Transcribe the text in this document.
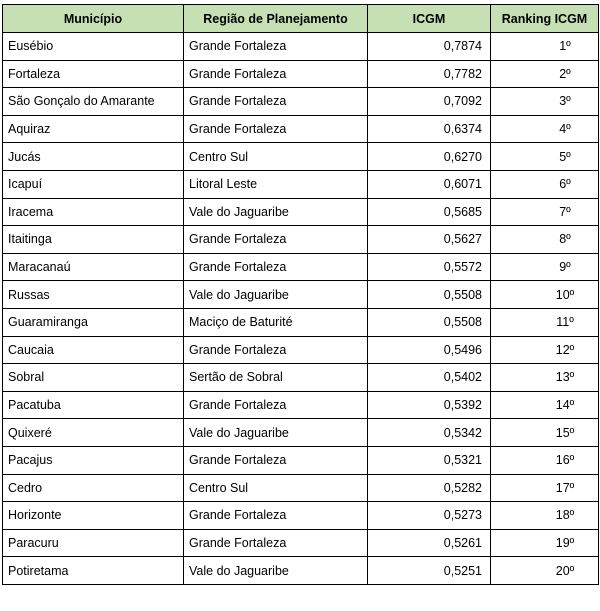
Município	Região de Planejamento	ICGM	Ranking ICGM
Eusébio	Grande Fortaleza	0,7874	1º
Fortaleza	Grande Fortaleza	0,7782	2º
São Gonçalo do Amarante	Grande Fortaleza	0,7092	3º
Aquiraz	Grande Fortaleza	0,6374	4º
Jucás	Centro Sul	0,6270	5º
Icapuí	Litoral Leste	0,6071	6º
Iracema	Vale do Jaguaribe	0,5685	7º
Itaitinga	Grande Fortaleza	0,5627	8º
Maracanaú	Grande Fortaleza	0,5572	9º
Russas	Vale do Jaguaribe	0,5508	10º
Guaramiranga	Maciço de Baturité	0,5508	11º
Caucaia	Grande Fortaleza	0,5496	12º
Sobral	Sertão de Sobral	0,5402	13º
Pacatuba	Grande Fortaleza	0,5392	14º
Quixeré	Vale do Jaguaribe	0,5342	15º
Pacajus	Grande Fortaleza	0,5321	16º
Cedro	Centro Sul	0,5282	17º
Horizonte	Grande Fortaleza	0,5273	18º
Paracuru	Grande Fortaleza	0,5261	19º
Potiretama	Vale do Jaguaribe	0,5251	20º
